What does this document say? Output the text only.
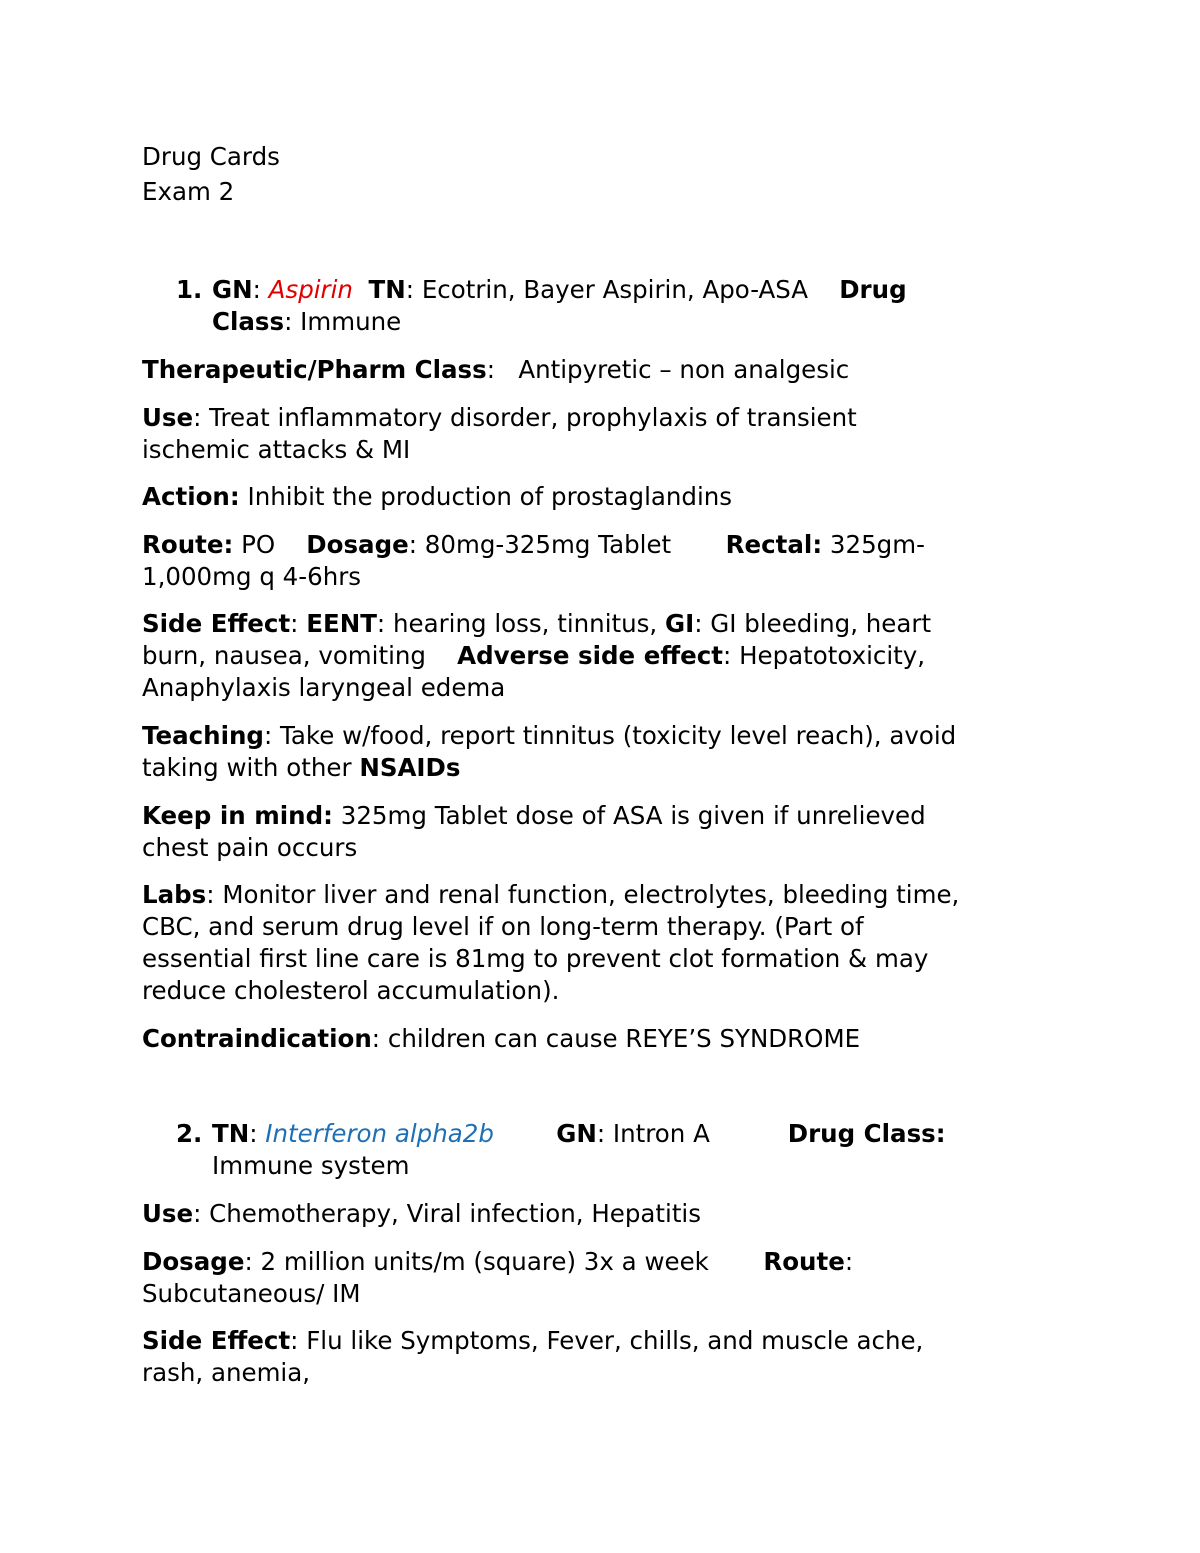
Drug Cards
Exam 2
1. GN: Aspirin TN: Ecotrin, Bayer Aspirin, Apo-ASA Drug
Class: Immune
Therapeutic/Pharm Class:   Antipyretic – non analgesic
Use: Treat inflammatory disorder, prophylaxis of transient
ischemic attacks & MI
Action: Inhibit the production of prostaglandins
Route: PO Dosage: 80mg-325mg Tablet Rectal: 325gm-
1,000mg q 4-6hrs
Side Effect: EENT: hearing loss, tinnitus, GI: GI bleeding, heart
burn, nausea, vomiting Adverse side effect: Hepatotoxicity,
Anaphylaxis laryngeal edema
Teaching: Take w/food, report tinnitus (toxicity level reach), avoid
taking with other NSAIDs
Keep in mind: 325mg Tablet dose of ASA is given if unrelieved
chest pain occurs
Labs: Monitor liver and renal function, electrolytes, bleeding time,
CBC, and serum drug level if on long-term therapy. (Part of
essential first line care is 81mg to prevent clot formation & may
reduce cholesterol accumulation).
Contraindication: children can cause REYE’S SYNDROME
2. TN: Interferon alpha2b	GN: Intron A	Drug Class:
Immune system
Use: Chemotherapy, Viral infection, Hepatitis
Dosage: 2 million units/m (square) 3x a week Route:
Subcutaneous/ IM
Side Effect: Flu like Symptoms, Fever, chills, and muscle ache,
rash, anemia,
